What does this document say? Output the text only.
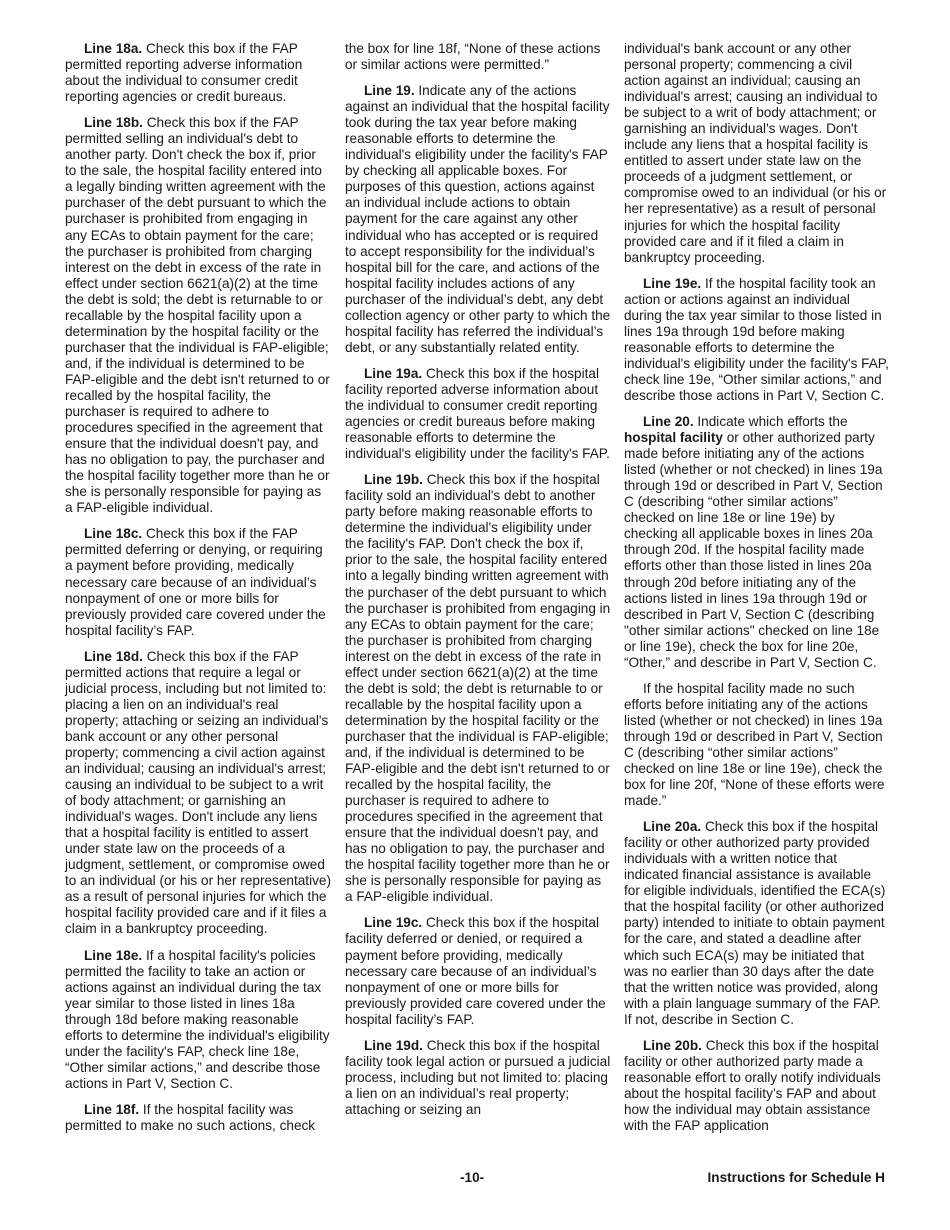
Line 18a. Check this box if the FAP permitted reporting adverse information about the individual to consumer credit reporting agencies or credit bureaus.

Line 18b. Check this box if the FAP permitted selling an individual's debt to another party. Don't check the box if, prior to the sale, the hospital facility entered into a legally binding written agreement with the purchaser of the debt pursuant to which the purchaser is prohibited from engaging in any ECAs to obtain payment for the care; the purchaser is prohibited from charging interest on the debt in excess of the rate in effect under section 6621(a)(2) at the time the debt is sold; the debt is returnable to or recallable by the hospital facility upon a determination by the hospital facility or the purchaser that the individual is FAP-eligible; and, if the individual is determined to be FAP-eligible and the debt isn't returned to or recalled by the hospital facility, the purchaser is required to adhere to procedures specified in the agreement that ensure that the individual doesn't pay, and has no obligation to pay, the purchaser and the hospital facility together more than he or she is personally responsible for paying as a FAP-eligible individual.

Line 18c. Check this box if the FAP permitted deferring or denying, or requiring a payment before providing, medically necessary care because of an individual’s nonpayment of one or more bills for previously provided care covered under the hospital facility’s FAP.

Line 18d. Check this box if the FAP permitted actions that require a legal or judicial process, including but not limited to: placing a lien on an individual's real property; attaching or seizing an individual's bank account or any other personal property; commencing a civil action against an individual; causing an individual's arrest; causing an individual to be subject to a writ of body attachment; or garnishing an individual's wages. Don't include any liens that a hospital facility is entitled to assert under state law on the proceeds of a judgment, settlement, or compromise owed to an individual (or his or her representative) as a result of personal injuries for which the hospital facility provided care and if it files a claim in a bankruptcy proceeding.

Line 18e. If a hospital facility's policies permitted the facility to take an action or actions against an individual during the tax year similar to those listed in lines 18a through 18d before making reasonable efforts to determine the individual's eligibility under the facility's FAP, check line 18e, “Other similar actions,” and describe those actions in Part V, Section C.

Line 18f. If the hospital facility was permitted to make no such actions, check

the box for line 18f, “None of these actions or similar actions were permitted.”

Line 19. Indicate any of the actions against an individual that the hospital facility took during the tax year before making reasonable efforts to determine the individual's eligibility under the facility's FAP by checking all applicable boxes. For purposes of this question, actions against an individual include actions to obtain payment for the care against any other individual who has accepted or is required to accept responsibility for the individual’s hospital bill for the care, and actions of the hospital facility includes actions of any purchaser of the individual’s debt, any debt collection agency or other party to which the hospital facility has referred the individual’s debt, or any substantially related entity.

Line 19a. Check this box if the hospital facility reported adverse information about the individual to consumer credit reporting agencies or credit bureaus before making reasonable efforts to determine the individual's eligibility under the facility's FAP.

Line 19b. Check this box if the hospital facility sold an individual's debt to another party before making reasonable efforts to determine the individual's eligibility under the facility's FAP. Don't check the box if, prior to the sale, the hospital facility entered into a legally binding written agreement with the purchaser of the debt pursuant to which the purchaser is prohibited from engaging in any ECAs to obtain payment for the care; the purchaser is prohibited from charging interest on the debt in excess of the rate in effect under section 6621(a)(2) at the time the debt is sold; the debt is returnable to or recallable by the hospital facility upon a determination by the hospital facility or the purchaser that the individual is FAP-eligible; and, if the individual is determined to be FAP-eligible and the debt isn't returned to or recalled by the hospital facility, the purchaser is required to adhere to procedures specified in the agreement that ensure that the individual doesn't pay, and has no obligation to pay, the purchaser and the hospital facility together more than he or she is personally responsible for paying as a FAP-eligible individual.

Line 19c. Check this box if the hospital facility deferred or denied, or required a payment before providing, medically necessary care because of an individual’s nonpayment of one or more bills for previously provided care covered under the hospital facility’s FAP.

Line 19d. Check this box if the hospital facility took legal action or pursued a judicial process, including but not limited to: placing a lien on an individual’s real property; attaching or seizing an

individual's bank account or any other personal property; commencing a civil action against an individual; causing an individual's arrest; causing an individual to be subject to a writ of body attachment; or garnishing an individual's wages. Don't include any liens that a hospital facility is entitled to assert under state law on the proceeds of a judgment settlement, or compromise owed to an individual (or his or her representative) as a result of personal injuries for which the hospital facility provided care and if it filed a claim in bankruptcy proceeding.

Line 19e. If the hospital facility took an action or actions against an individual during the tax year similar to those listed in lines 19a through 19d before making reasonable efforts to determine the individual's eligibility under the facility's FAP, check line 19e, “Other similar actions,” and describe those actions in Part V, Section C.

Line 20. Indicate which efforts the hospital facility or other authorized party made before initiating any of the actions listed (whether or not checked) in lines 19a through 19d or described in Part V, Section C (describing “other similar actions” checked on line 18e or line 19e) by checking all applicable boxes in lines 20a through 20d. If the hospital facility made efforts other than those listed in lines 20a through 20d before initiating any of the actions listed in lines 19a through 19d or described in Part V, Section C (describing "other similar actions" checked on line 18e or line 19e), check the box for line 20e, “Other,” and describe in Part V, Section C.

If the hospital facility made no such efforts before initiating any of the actions listed (whether or not checked) in lines 19a through 19d or described in Part V, Section C (describing “other similar actions” checked on line 18e or line 19e), check the box for line 20f, “None of these efforts were made.”

Line 20a. Check this box if the hospital facility or other authorized party provided individuals with a written notice that indicated financial assistance is available for eligible individuals, identified the ECA(s) that the hospital facility (or other authorized party) intended to initiate to obtain payment for the care, and stated a deadline after which such ECA(s) may be initiated that was no earlier than 30 days after the date that the written notice was provided, along with a plain language summary of the FAP. If not, describe in Section C.

Line 20b. Check this box if the hospital facility or other authorized party made a reasonable effort to orally notify individuals about the hospital facility’s FAP and about how the individual may obtain assistance with the FAP application

-10-	Instructions for Schedule H
